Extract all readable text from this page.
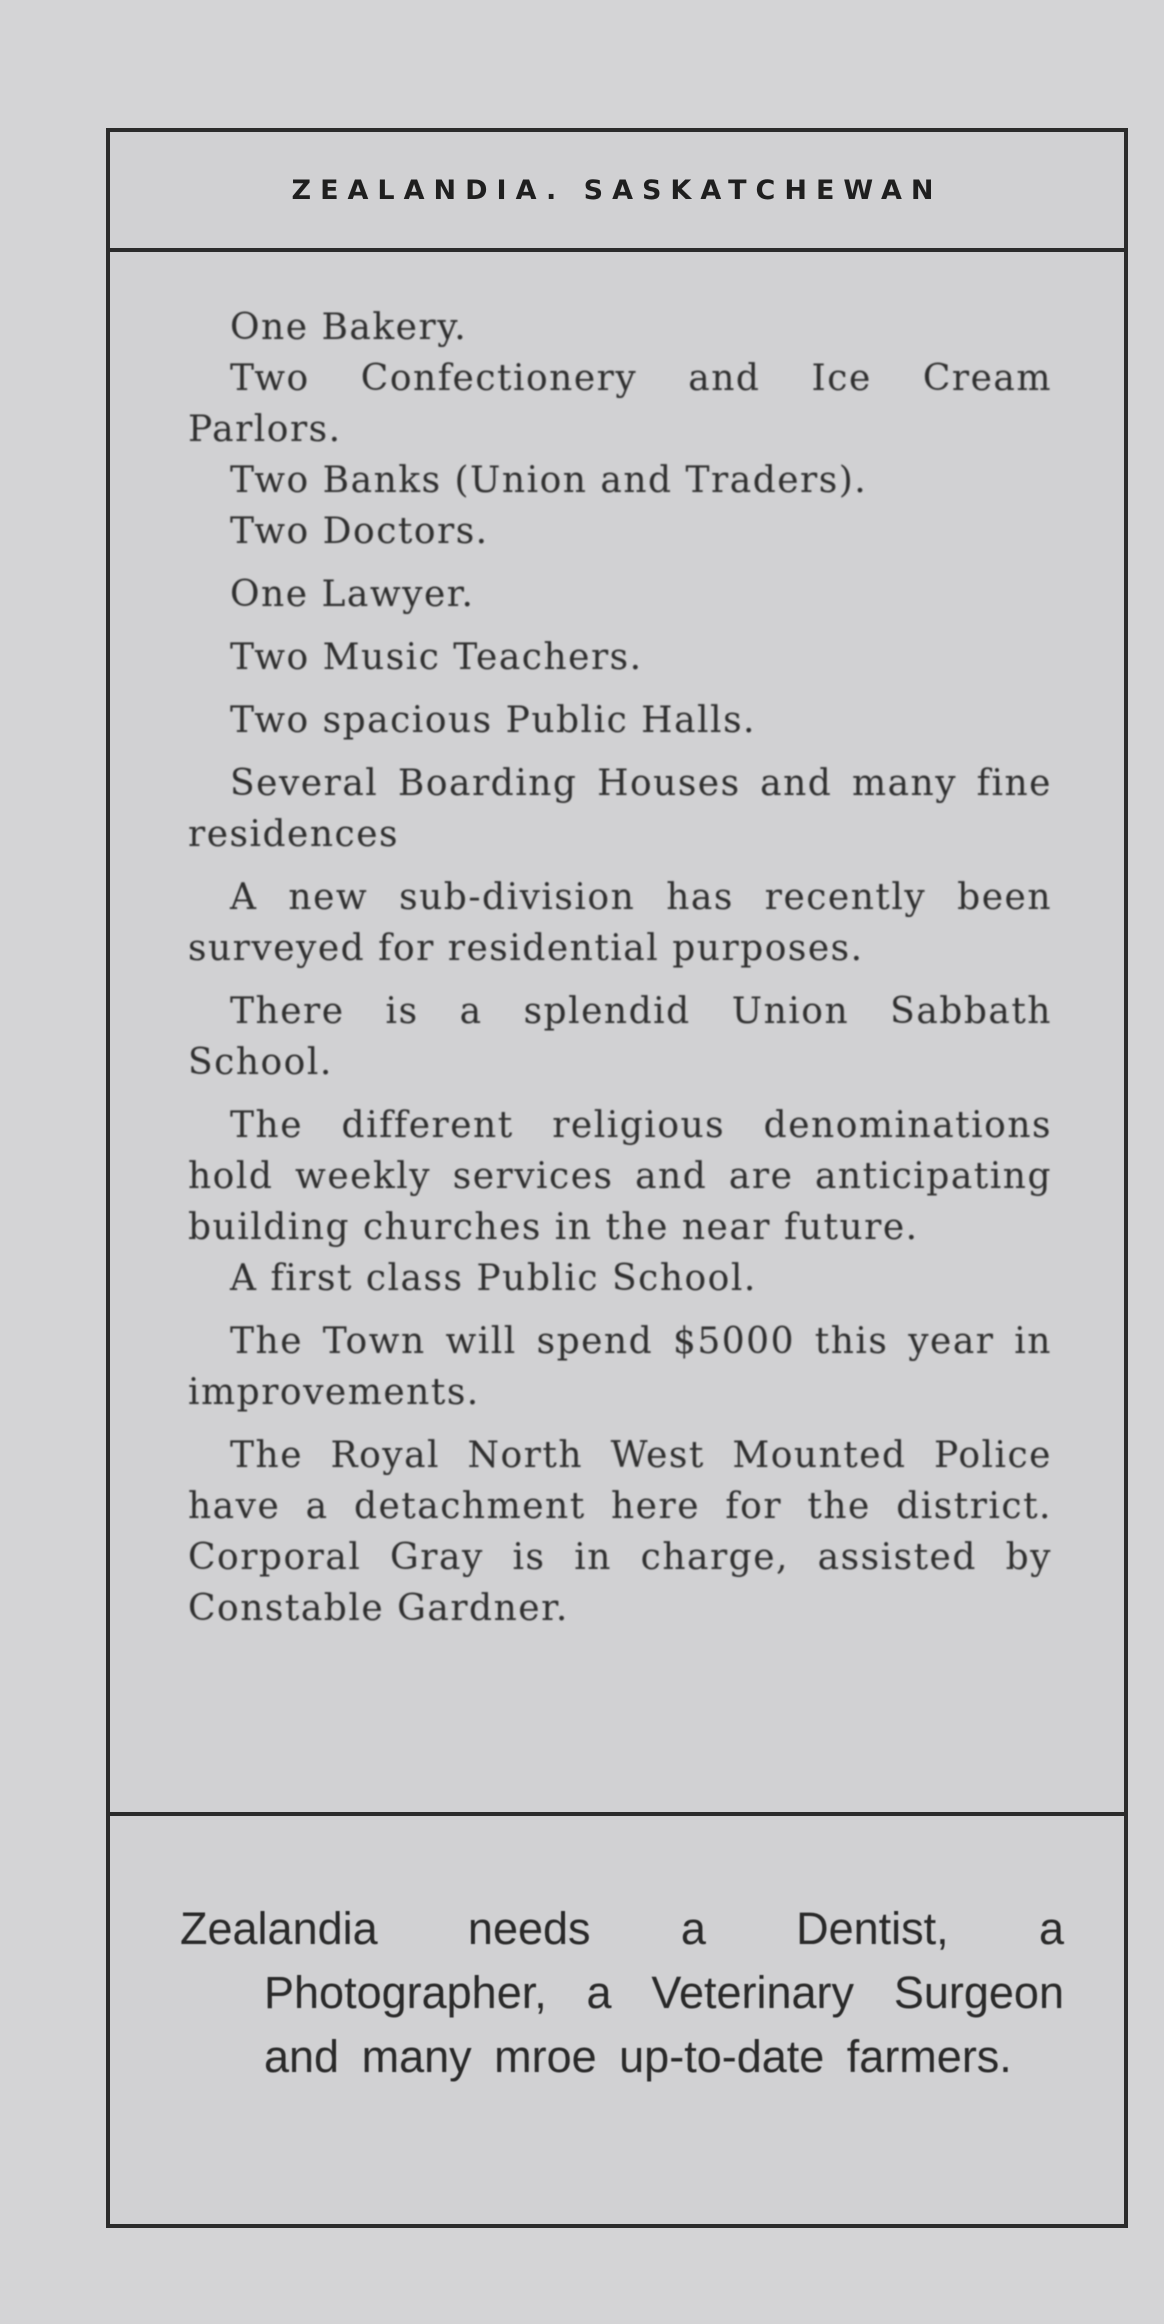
ZEALANDIA. SASKATCHEWAN

One Bakery.

Two Confectionery and Ice Cream Parlors.

Two Banks (Union and Traders).

Two Doctors.

One Lawyer.

Two Music Teachers.

Two spacious Public Halls.

Several Boarding Houses and many fine residences

A new sub-division has recently been surveyed for residential purposes.

There is a splendid Union Sabbath School.

The different religious denominations hold weekly services and are anticipating building churches in the near future.

A first class Public School.

The Town will spend $5000 this year in improvements.

The Royal North West Mounted Police have a detachment here for the district. Corporal Gray is in charge, assisted by Constable Gardner.

Zealandia needs a Dentist, a Photographer, a Veterinary Surgeon and many mroe up-to-date farmers.
